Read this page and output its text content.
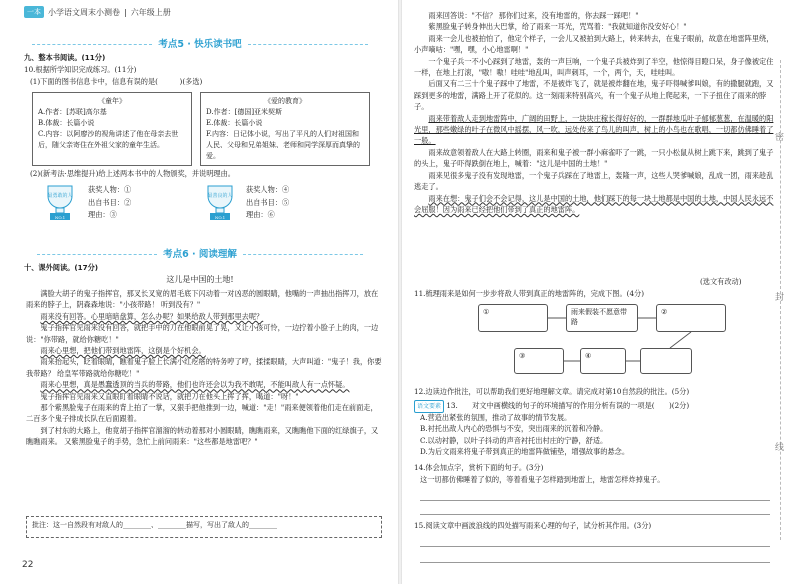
一本 小学语文周末小测卷 | 六年级上册
考点5 · 快乐读书吧
九、整本书阅读。(11分)
10.根据所学知识完成练习。(11分)
(1)下面的图书信息卡中，信息有误的是(　　　)(多选)
《童年》
A.作者：[苏联]高尔基
B.体裁：长篇小说
C.内容：以阿廖沙的视角讲述了他在母亲去世后，随父亲寄住在外祖父家的童年生活。
《爱的教育》
D.作者：[德国]亚米契斯
E.体裁：长篇小说
F.内容：日记体小说，写出了平凡的人们对祖国和人民、父母和兄弟姐妹、老师和同学深厚而真挚的爱。
(2)(新考法·思维提升)给上述两本书中的人物颁奖，并说明理由。
最勇敢的人
NO.1
获奖人物：①
出自书目：②
理由：③
最善良的人
NO.1
获奖人物：④
出自书目：⑤
理由：⑥
考点6 · 阅读理解
十、课外阅读。(17分)
这儿是中国的土地!
满脸大胡子的鬼子指挥官，那叉长叉宽的眉毛底下闪动着一对凶恶的圆眼睛，他嘴的一声抽出指挥刀，放在雨来的脖子上，阴森森地说："小孩带路！ 听到没有？"
雨来没有回答。心里暗暗盘算，怎么办呢？如果给敌人带到那里去呢？
鬼子指挥官见雨来没有回答，就把手中的刀在他眼前晃了晃，又让小孩可怜，一边拧着小脸子上的肉，一边说："你带路，就给你糖吃！"
雨来心里想，把他们带到地雷阵，这倒是个好机会。
雨来抬起头，眨着眼睛，瞧着鬼子脸上长满小红疙瘩的特务哼了哼，揉揉眼睛，大声叫道："鬼子！我，你要我带路？ 给皇军带路就给你糖吃！"
雨来心里想，真是愚蠢透顶的当兵的带路，他们也许还会以为我不敢呢，不能叫敌人有一点怀疑。
鬼子指挥官见雨来又直眼盯着眼睛不说话，就把刀在他头上挥了挥，喝道："呀！"
那个紫黑脸鬼子在雨来的背上拍了一掌，又狠手把他推到一边，喊道："走！"雨来便领着他们走在前面走，二百多个鬼子排成长队在后面跟着。
到了村东的大路上，他竟胡子指挥官溜溜的转动着那对小圆眼睛，瞧瞧雨来，又瞧瞧他下面的红绿旗子，又瞧瞧雨来。 又紫黑脸鬼子的手势，急忙上前问雨来："这些都是地雷吧？"
批注：这一自然段有对敌人的________、________描写，写出了敌人的________
22
雨来回答说："不信？ 那你们过来，没有地雷的，你去踩一踩吧！"
紫黑脸鬼子转身伸出大巴掌，给了雨来一耳光，咒骂着："我就知道你没安好心！"
雨来一会儿也被拍怕了，他定个样子，一会儿又被拍到大路上，转来转去，在鬼子眼前，故意在地雷阵里绕，小声嘀咕："嘿，嘿，小心地雷啊！"
一个鬼子兵一不小心踩到了地雷，轰的一声巨响，一个鬼子兵被炸到了半空，他惊得目瞪口呆，身子像被定住一样，在地上打滚，"嗷！嗷！哇哇"地乱叫，叫声刺耳，一个，两个，天，哇哇叫。
后面又有二三十个鬼子踩中了地雷，不是被炸飞了，就是被炸翻在地，鬼子吓得喊爹叫娘，有的撒腿就跑，又踩到更多的地雷，满路上开了花似的。这一刻雨来特别高兴，有一个鬼子从地上爬起来，一下子扭住了雨来的脖子。
雨来带着敌人走到地雷阵中，广阔的田野上，一块块庄稼长得好好的，一群群地瓜叶子郁郁葱葱，在温暖的阳光里，那些嫩绿的叶子在微风中摇摆，风一吹，远处传来了鸟儿的叫声，树上的小鸟也在歌唱，一切都仿佛睡着了一般。
雨来故意领着敌人在大路上转圈，雨来和鬼子被一群小麻雀吓了一跳，一只小松鼠从树上跳下来，跳到了鬼子的头上，鬼子吓得跌倒在地上，喊着："这儿是中国的土地！"
雨来见很多鬼子没有发现地雷，一个鬼子兵踩在了地雷上，轰隆一声，这些人哭爹喊娘，乱成一团，雨来趁乱逃走了。
雨来在想：鬼子们会不会记得，这儿是中国的土地，他们踩下的每一块土地都是中国的土地，中国人民永远不会屈服！因为雨来已经把他们带到了真正的地雷阵。
(选文有改动)
11.梳理雨来是如何一步步将敌人带到真正的地雷阵的，完成下图。(4分)
①	雨来假装不愿意带路
②
③	④
12.边读边作批注，可以帮助我们更好地理解文章。请完成对第10自然段的批注。(5分)
语文要素 13.　　对文中画横线的句子的环境描写的作用分析有误的一项是(　　)(2分)
A.营造出紧张的氛围，推动了故事的情节发展。
B.衬托出敌人内心的恐惧与不安，突出雨来的沉着和冷静。
C.以动衬静，以叶子抖动的声音衬托出村庄的宁静，舒适。
D.为后文雨来将鬼子带到真正的地雷阵做铺垫，增强故事的悬念。
14.体会加点字，赏析下面的句子。(3分)
这一切都仿佛睡着了似的，等着看鬼子怎样踏到地雷上，地雷怎样炸掉鬼子。
15.阅读文章中画波浪线的四处描写雨来心理的句子，试分析其作用。(3分)
密
封
线
